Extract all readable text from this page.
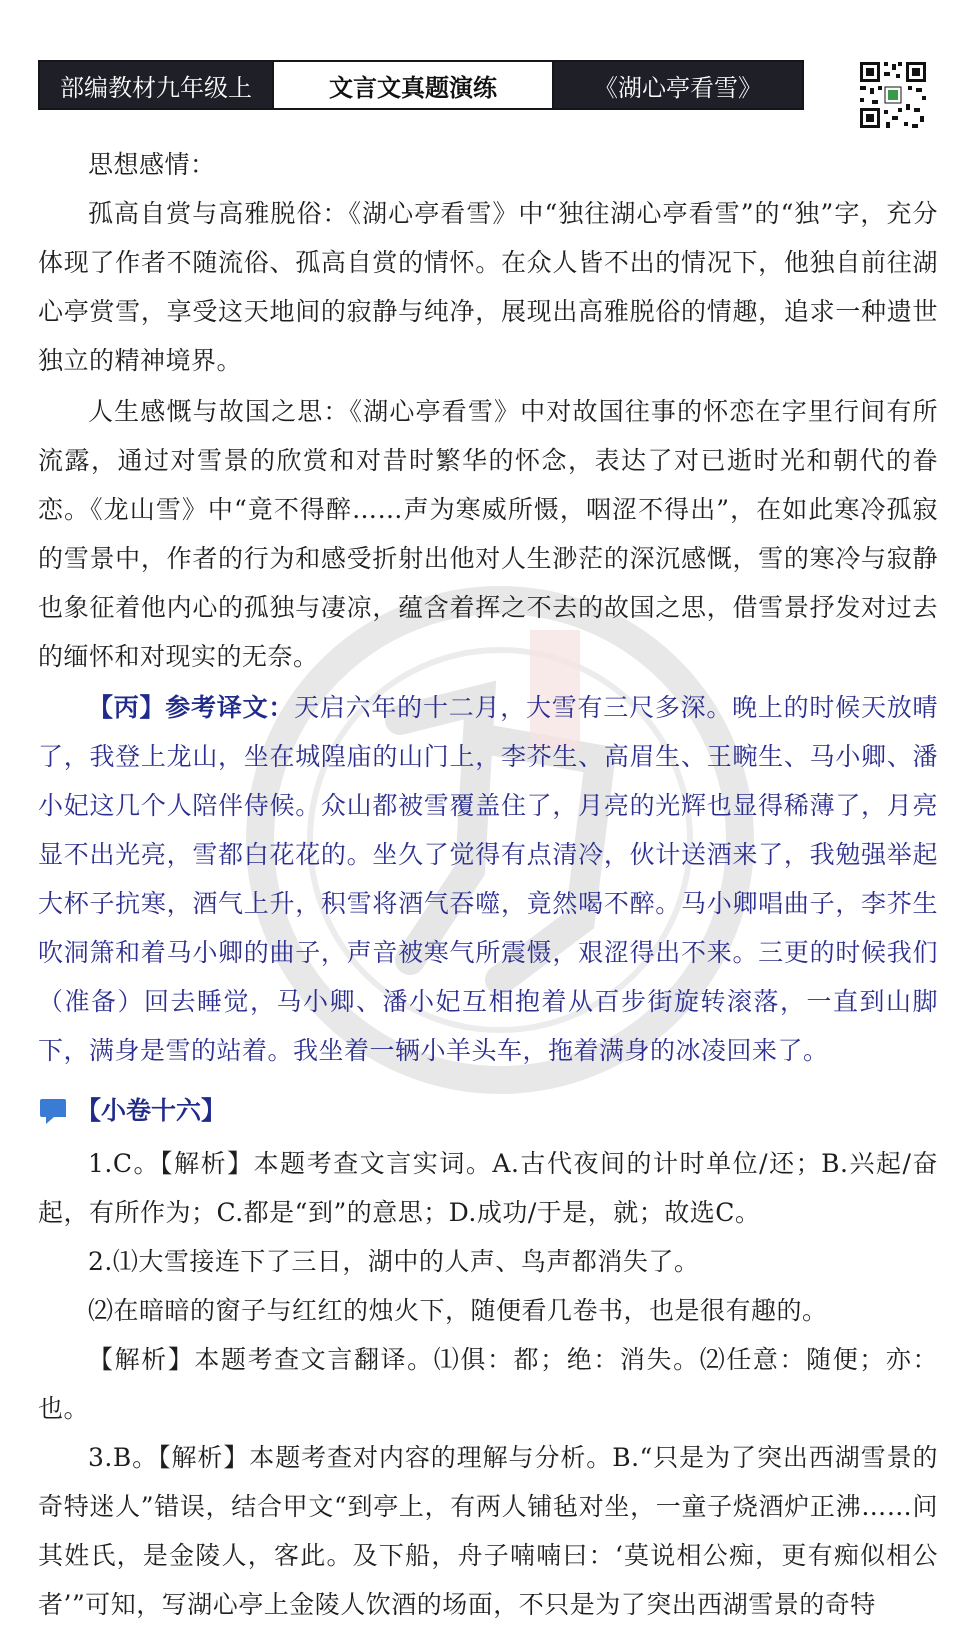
部编教材九年级上	文言文真题演练	《湖心亭看雪》

思想感情：

孤高自赏与高雅脱俗：《湖心亭看雪》中“独往湖心亭看雪”的“独”字，充分体现了作者不随流俗、孤高自赏的情怀。在众人皆不出的情况下，他独自前往湖心亭赏雪，享受这天地间的寂静与纯净，展现出高雅脱俗的情趣，追求一种遗世独立的精神境界。

人生感慨与故国之思：《湖心亭看雪》中对故国往事的怀恋在字里行间有所流露，通过对雪景的欣赏和对昔时繁华的怀念，表达了对已逝时光和朝代的眷恋。《龙山雪》中“竟不得醉……声为寒威所慑，咽涩不得出”，在如此寒冷孤寂的雪景中，作者的行为和感受折射出他对人生渺茫的深沉感慨，雪的寒冷与寂静也象征着他内心的孤独与凄凉，蕴含着挥之不去的故国之思，借雪景抒发对过去的缅怀和对现实的无奈。

【丙】参考译文：天启六年的十二月，大雪有三尺多深。晚上的时候天放晴了，我登上龙山，坐在城隍庙的山门上，李芥生、高眉生、王畹生、马小卿、潘小妃这几个人陪伴侍候。众山都被雪覆盖住了，月亮的光辉也显得稀薄了，月亮显不出光亮，雪都白花花的。坐久了觉得有点清冷，伙计送酒来了，我勉强举起大杯子抗寒，酒气上升，积雪将酒气吞噬，竟然喝不醉。马小卿唱曲子，李芥生吹洞箫和着马小卿的曲子，声音被寒气所震慑，艰涩得出不来。三更的时候我们（准备）回去睡觉，马小卿、潘小妃互相抱着从百步街旋转滚落，一直到山脚下，满身是雪的站着。我坐着一辆小羊头车，拖着满身的冰凌回来了。

【小卷十六】

1.C。【解析】本题考查文言实词。A.古代夜间的计时单位/还；B.兴起/奋起，有所作为；C.都是“到”的意思；D.成功/于是，就；故选C。

2.⑴大雪接连下了三日，湖中的人声、鸟声都消失了。

⑵在暗暗的窗子与红红的烛火下，随便看几卷书，也是很有趣的。

【解析】本题考查文言翻译。⑴俱：都；绝：消失。⑵任意：随便；亦：也。

3.B。【解析】本题考查对内容的理解与分析。B.“只是为了突出西湖雪景的奇特迷人”错误，结合甲文“到亭上，有两人铺毡对坐，一童子烧酒炉正沸……问其姓氏，是金陵人，客此。及下船，舟子喃喃曰：‘莫说相公痴，更有痴似相公者’”可知，写湖心亭上金陵人饮酒的场面，不只是为了突出西湖雪景的奇特
